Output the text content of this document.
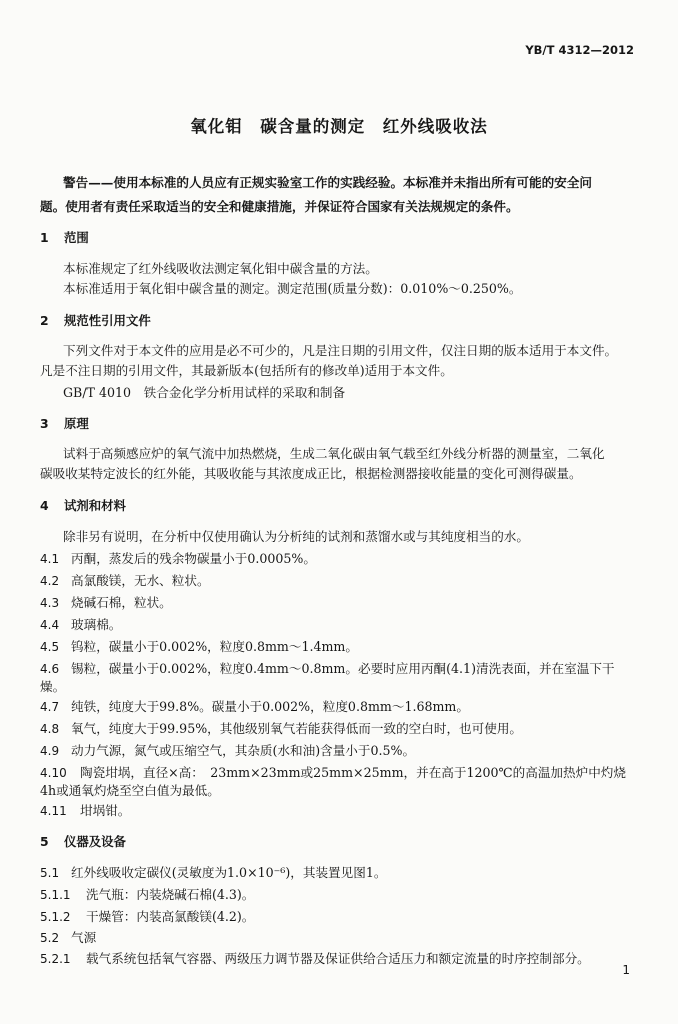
YB/T 4312—2012
氧化钼　碳含量的测定　红外线吸收法
警告——使用本标准的人员应有正规实验室工作的实践经验。本标准并未指出所有可能的安全问
题。使用者有责任采取适当的安全和健康措施，并保证符合国家有关法规规定的条件。
1 范围
本标准规定了红外线吸收法测定氧化钼中碳含量的方法。
本标准适用于氧化钼中碳含量的测定。测定范围(质量分数)：0.010%～0.250%。
2 规范性引用文件
下列文件对于本文件的应用是必不可少的，凡是注日期的引用文件，仅注日期的版本适用于本文件。
凡是不注日期的引用文件，其最新版本(包括所有的修改单)适用于本文件。
GB/T 4010　铁合金化学分析用试样的采取和制备
3 原理
试料于高频感应炉的氧气流中加热燃烧，生成二氧化碳由氧气载至红外线分析器的测量室，二氧化
碳吸收某特定波长的红外能，其吸收能与其浓度成正比，根据检测器接收能量的变化可测得碳量。
4 试剂和材料
除非另有说明，在分析中仅使用确认为分析纯的试剂和蒸馏水或与其纯度相当的水。
4.1 丙酮，蒸发后的残余物碳量小于0.0005%。
4.2 高氯酸镁，无水、粒状。
4.3 烧碱石棉，粒状。
4.4 玻璃棉。
4.5 钨粒，碳量小于0.002%，粒度0.8mm～1.4mm。
4.6 锡粒，碳量小于0.002%，粒度0.4mm～0.8mm。必要时应用丙酮(4.1)清洗表面，并在室温下干
燥。
4.7 纯铁，纯度大于99.8%。碳量小于0.002%，粒度0.8mm～1.68mm。
4.8 氧气，纯度大于99.95%，其他级别氧气若能获得低而一致的空白时，也可使用。
4.9 动力气源，氮气或压缩空气，其杂质(水和油)含量小于0.5%。
4.10 陶瓷坩埚，直径×高：　23mm×23mm或25mm×25mm，并在高于1200℃的高温加热炉中灼烧
4h或通氧灼烧至空白值为最低。
4.11 坩埚钳。
5 仪器及设备
5.1 红外线吸收定碳仪(灵敏度为1.0×10⁻⁶)，其装置见图1。
5.1.1 洗气瓶：内装烧碱石棉(4.3)。
5.1.2 干燥管：内装高氯酸镁(4.2)。
5.2 气源
5.2.1 载气系统包括氧气容器、两级压力调节器及保证供给合适压力和额定流量的时序控制部分。
1
